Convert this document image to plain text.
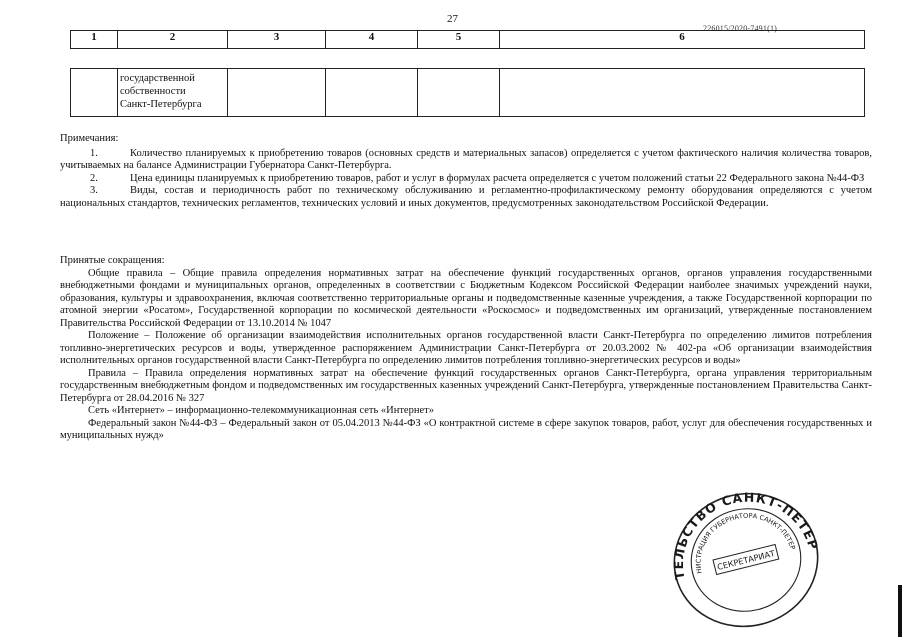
27
226015/2020-7491(1)
1	2	3	4	5	6

государственной
собственности
Санкт-Петербурга

Примечания:

1.	Количество планируемых к приобретению товаров (основных средств и материальных запасов) определяется с учетом фактического наличия количества товаров, учитываемых на балансе Администрации Губернатора Санкт-Петербурга.

2.	Цена единицы планируемых к приобретению товаров, работ и услуг в формулах расчета определяется с учетом положений статьи 22 Федерального закона №44-ФЗ

3.	Виды, состав и периодичность работ по техническому обслуживанию и регламентно-профилактическому ремонту оборудования определяются с учетом национальных стандартов, технических регламентов, технических условий и иных документов, предусмотренных законодательством Российской Федерации.

Принятые сокращения:

Общие правила – Общие правила определения нормативных затрат на обеспечение функций государственных органов, органов управления государственными внебюджетными фондами и муниципальных органов, определенных в соответствии с Бюджетным Кодексом Российской Федерации наиболее значимых учреждений науки, образования, культуры и здравоохранения, включая соответственно территориальные органы и подведомственные казенные учреждения, а также Государственной корпорации по атомной энергии «Росатом», Государственной корпорации по космической деятельности «Роскосмос» и подведомственных им организаций, утвержденные постановлением Правительства Российской Федерации от 13.10.2014 № 1047

Положение – Положение об организации взаимодействия исполнительных органов государственной власти Санкт-Петербурга по определению лимитов потребления топливно-энергетических ресурсов и воды, утвержденное распоряжением Администрации Санкт-Петербурга от 20.03.2002 № 402-ра «Об организации взаимодействия исполнительных органов государственной власти Санкт-Петербурга по определению лимитов потребления топливно-энергетических ресурсов и воды»

Правила – Правила определения нормативных затрат на обеспечение функций государственных органов Санкт-Петербурга, органа управления территориальным государственным внебюджетным фондом и подведомственных им государственных казенных учреждений Санкт-Петербурга, утвержденные постановлением Правительства Санкт-Петербурга от 28.04.2016 № 327

Сеть «Интернет» – информационно-телекоммуникационная сеть «Интернет»

Федеральный закон №44-ФЗ – Федеральный закон от 05.04.2013 №44-ФЗ «О контрактной системе в сфере закупок товаров, работ, услуг для обеспечения государственных и муниципальных нужд»

ПРАВИТЕЛЬСТВО САНКТ-ПЕТЕРБУРГА
АДМИНИСТРАЦИЯ ГУБЕРНАТОРА САНКТ-ПЕТЕРБУРГА
СЕКРЕТАРИАТ
